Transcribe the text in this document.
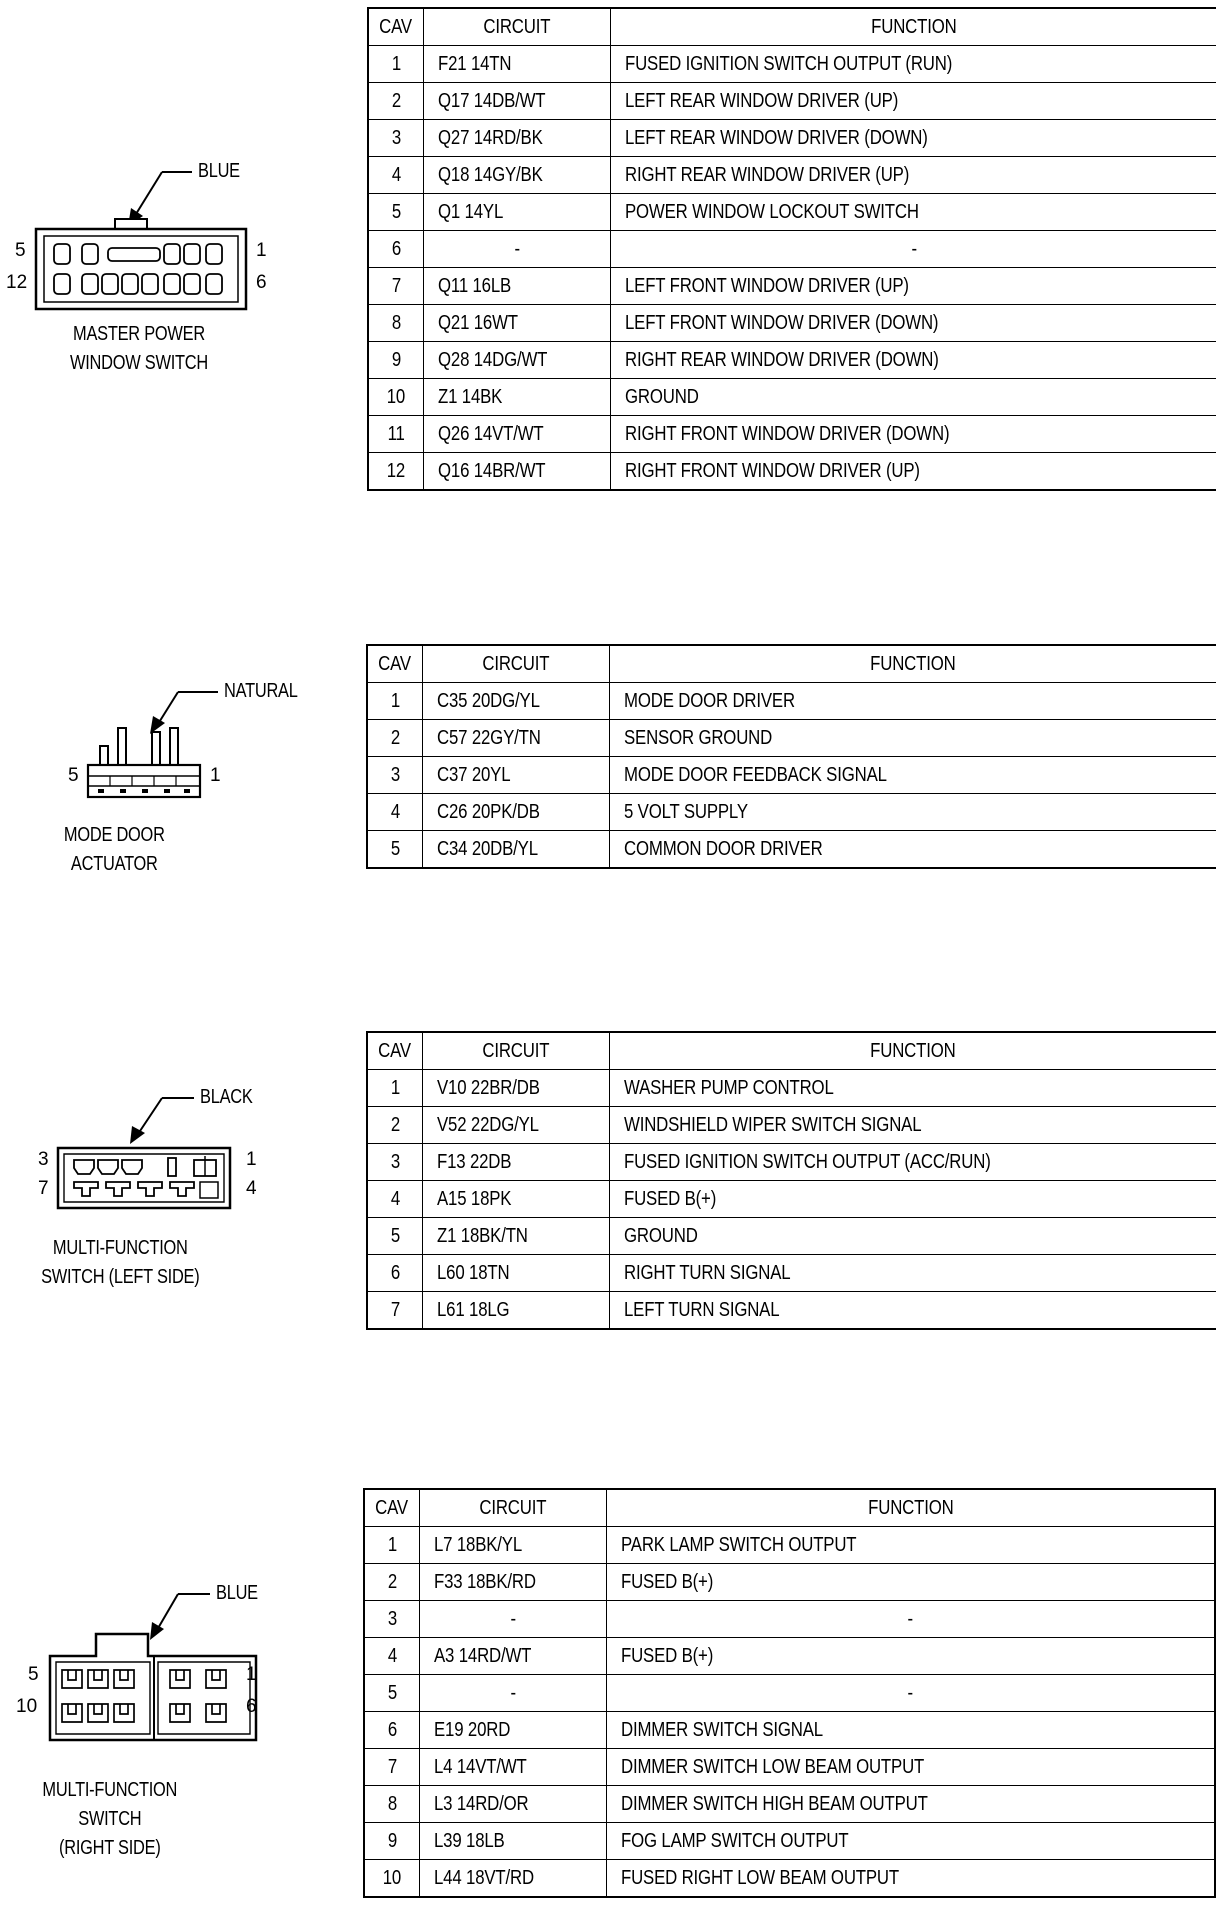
BLUE
5
12
1
6
MASTER POWER
WINDOW SWITCH
CAV	CIRCUIT	FUNCTION
1	F21 14TN	FUSED IGNITION SWITCH OUTPUT (RUN)
2	Q17 14DB/WT	LEFT REAR WINDOW DRIVER (UP)
3	Q27 14RD/BK	LEFT REAR WINDOW DRIVER (DOWN)
4	Q18 14GY/BK	RIGHT REAR WINDOW DRIVER (UP)
5	Q1 14YL	POWER WINDOW LOCKOUT SWITCH
6	-	-
7	Q11 16LB	LEFT FRONT WINDOW DRIVER (UP)
8	Q21 16WT	LEFT FRONT WINDOW DRIVER (DOWN)
9	Q28 14DG/WT	RIGHT REAR WINDOW DRIVER (DOWN)
10	Z1 14BK	GROUND
11	Q26 14VT/WT	RIGHT FRONT WINDOW DRIVER (DOWN)
12	Q16 14BR/WT	RIGHT FRONT WINDOW DRIVER (UP)
NATURAL
5	1
MODE DOOR ACTUATOR
CAV	CIRCUIT	FUNCTION
1	C35 20DG/YL	MODE DOOR DRIVER
2	C57 22GY/TN	SENSOR GROUND
3	C37 20YL	MODE DOOR FEEDBACK SIGNAL
4	C26 20PK/DB	5 VOLT SUPPLY
5	C34 20DB/YL	COMMON DOOR DRIVER
BLACK
3
7
1
4
MULTI-FUNCTION
SWITCH (LEFT SIDE)
CAV	CIRCUIT	FUNCTION
1	V10 22BR/DB	WASHER PUMP CONTROL
2	V52 22DG/YL	WINDSHIELD WIPER SWITCH SIGNAL
3	F13 22DB	FUSED IGNITION SWITCH OUTPUT (ACC/RUN)
4	A15 18PK	FUSED B(+)
5	Z1 18BK/TN	GROUND
6	L60 18TN	RIGHT TURN SIGNAL
7	L61 18LG	LEFT TURN SIGNAL
BLUE
5
10
1
6
MULTI-FUNCTION
SWITCH
(RIGHT SIDE)
CAV	CIRCUIT	FUNCTION
1	L7 18BK/YL	PARK LAMP SWITCH OUTPUT
2	F33 18BK/RD	FUSED B(+)
3	-	-
4	A3 14RD/WT	FUSED B(+)
5	-	-
6	E19 20RD	DIMMER SWITCH SIGNAL
7	L4 14VT/WT	DIMMER SWITCH LOW BEAM OUTPUT
8	L3 14RD/OR	DIMMER SWITCH HIGH BEAM OUTPUT
9	L39 18LB	FOG LAMP SWITCH OUTPUT
10	L44 18VT/RD	FUSED RIGHT LOW BEAM OUTPUT
